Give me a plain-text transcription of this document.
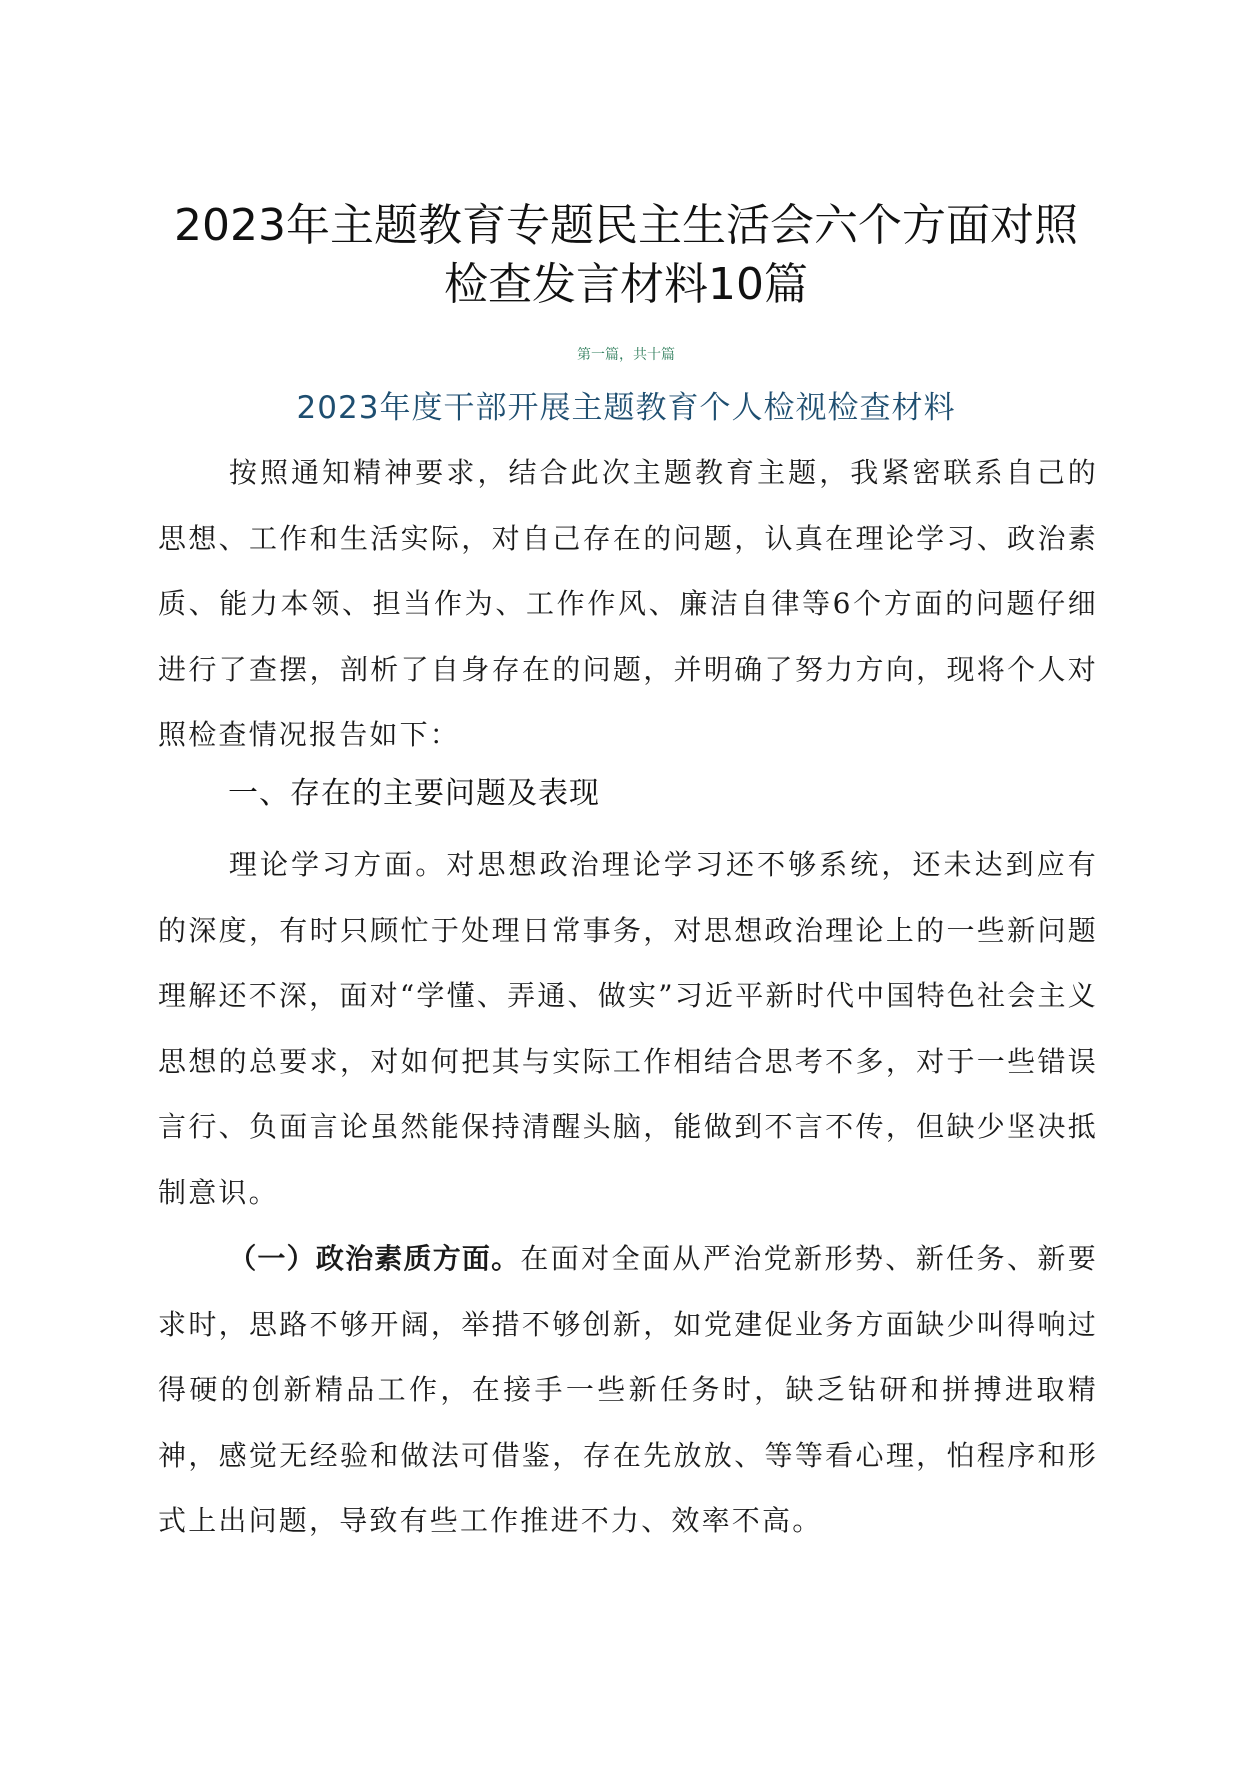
2023年主题教育专题民主生活会六个方面对照
检查发言材料10篇
第一篇，共十篇
2023年度干部开展主题教育个人检视检查材料

按照通知精神要求，结合此次主题教育主题，我紧密联系自己的思想、工作和生活实际，对自己存在的问题，认真在理论学习、政治素质、能力本领、担当作为、工作作风、廉洁自律等6个方面的问题仔细进行了查摆，剖析了自身存在的问题，并明确了努力方向，现将个人对照检查情况报告如下：

一、存在的主要问题及表现

理论学习方面。对思想政治理论学习还不够系统，还未达到应有的深度，有时只顾忙于处理日常事务，对思想政治理论上的一些新问题理解还不深，面对“学懂、弄通、做实”习近平新时代中国特色社会主义思想的总要求，对如何把其与实际工作相结合思考不多，对于一些错误言行、负面言论虽然能保持清醒头脑，能做到不言不传，但缺少坚决抵制意识。

（一）政治素质方面。在面对全面从严治党新形势、新任务、新要求时，思路不够开阔，举措不够创新，如党建促业务方面缺少叫得响过得硬的创新精品工作，在接手一些新任务时，缺乏钻研和拼搏进取精神，感觉无经验和做法可借鉴，存在先放放、等等看心理，怕程序和形式上出问题，导致有些工作推进不力、效率不高。
